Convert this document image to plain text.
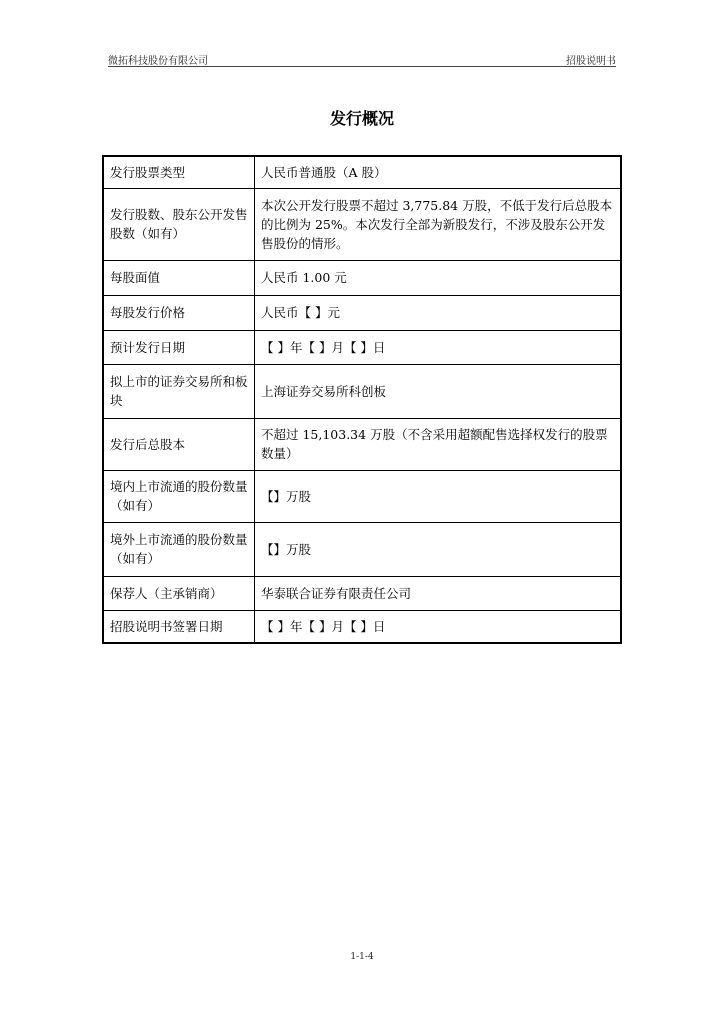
微拓科技股份有限公司	招股说明书
发行概况
发行股票类型	人民币普通股（A 股）
发行股数、股东公开发售股数（如有）	本次公开发行股票不超过 3,775.84 万股，不低于发行后总股本的比例为 25%。本次发行全部为新股发行，不涉及股东公开发售股份的情形。
每股面值	人民币 1.00 元
每股发行价格	人民币【 】元
预计发行日期	【 】年【 】月【 】日
拟上市的证券交易所和板块	上海证券交易所科创板
发行后总股本	不超过 15,103.34 万股（不含采用超额配售选择权发行的股票数量）
境内上市流通的股份数量（如有）	【】万股
境外上市流通的股份数量（如有）	【】万股
保荐人（主承销商）	华泰联合证券有限责任公司
招股说明书签署日期	【 】年【 】月【 】日
1-1-4
